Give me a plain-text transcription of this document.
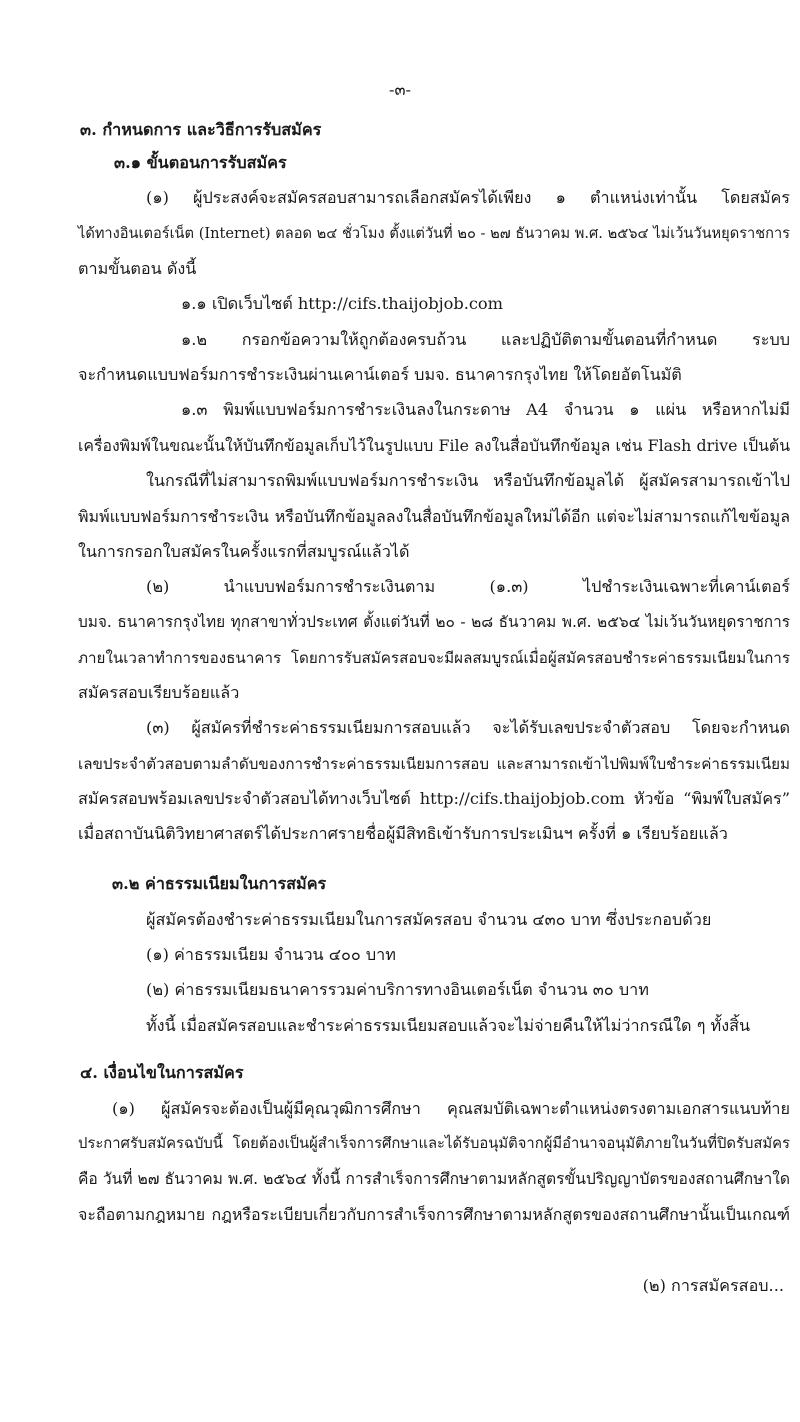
-๓-
๓. กำหนดการ และวิธีการรับสมัคร
๓.๑ ขั้นตอนการรับสมัคร
(๑) ผู้ประสงค์จะสมัครสอบสามารถเลือกสมัครได้เพียง ๑ ตำแหน่งเท่านั้น โดยสมัคร
ได้ทางอินเตอร์เน็ต (Internet) ตลอด ๒๔ ชั่วโมง ตั้งแต่วันที่ ๒๐ - ๒๗ ธันวาคม พ.ศ. ๒๕๖๔ ไม่เว้นวันหยุดราชการ
ตามขั้นตอน ดังนี้
๑.๑ เปิดเว็บไซต์ http://cifs.thaijobjob.com
๑.๒ กรอกข้อความให้ถูกต้องครบถ้วน และปฏิบัติตามขั้นตอนที่กำหนด ระบบ
จะกำหนดแบบฟอร์มการชำระเงินผ่านเคาน์เตอร์ บมจ. ธนาคารกรุงไทย ให้โดยอัตโนมัติ
๑.๓ พิมพ์แบบฟอร์มการชำระเงินลงในกระดาษ A4 จำนวน ๑ แผ่น หรือหากไม่มี
เครื่องพิมพ์ในขณะนั้นให้บันทึกข้อมูลเก็บไว้ในรูปแบบ File ลงในสื่อบันทึกข้อมูล เช่น Flash drive เป็นต้น
ในกรณีที่ไม่สามารถพิมพ์แบบฟอร์มการชำระเงิน หรือบันทึกข้อมูลได้ ผู้สมัครสามารถเข้าไป
พิมพ์แบบฟอร์มการชำระเงิน หรือบันทึกข้อมูลลงในสื่อบันทึกข้อมูลใหม่ได้อีก แต่จะไม่สามารถแก้ไขข้อมูล
ในการกรอกใบสมัครในครั้งแรกที่สมบูรณ์แล้วได้
(๒) นำแบบฟอร์มการชำระเงินตาม (๑.๓) ไปชำระเงินเฉพาะที่เคาน์เตอร์
บมจ. ธนาคารกรุงไทย ทุกสาขาทั่วประเทศ ตั้งแต่วันที่ ๒๐ - ๒๘ ธันวาคม พ.ศ. ๒๕๖๔ ไม่เว้นวันหยุดราชการ
ภายในเวลาทำการของธนาคาร โดยการรับสมัครสอบจะมีผลสมบูรณ์เมื่อผู้สมัครสอบชำระค่าธรรมเนียมในการ
สมัครสอบเรียบร้อยแล้ว
(๓) ผู้สมัครที่ชำระค่าธรรมเนียมการสอบแล้ว จะได้รับเลขประจำตัวสอบ โดยจะกำหนด
เลขประจำตัวสอบตามลำดับของการชำระค่าธรรมเนียมการสอบ และสามารถเข้าไปพิมพ์ใบชำระค่าธรรมเนียม
สมัครสอบพร้อมเลขประจำตัวสอบได้ทางเว็บไซต์ http://cifs.thaijobjob.com หัวข้อ “พิมพ์ใบสมัคร”
เมื่อสถาบันนิติวิทยาศาสตร์ได้ประกาศรายชื่อผู้มีสิทธิเข้ารับการประเมินฯ ครั้งที่ ๑ เรียบร้อยแล้ว
๓.๒ ค่าธรรมเนียมในการสมัคร
ผู้สมัครต้องชำระค่าธรรมเนียมในการสมัครสอบ จำนวน ๔๓๐ บาท ซึ่งประกอบด้วย
(๑) ค่าธรรมเนียม จำนวน ๔๐๐ บาท
(๒) ค่าธรรมเนียมธนาคารรวมค่าบริการทางอินเตอร์เน็ต จำนวน ๓๐ บาท
ทั้งนี้ เมื่อสมัครสอบและชำระค่าธรรมเนียมสอบแล้วจะไม่จ่ายคืนให้ไม่ว่ากรณีใด ๆ ทั้งสิ้น
๔. เงื่อนไขในการสมัคร
(๑) ผู้สมัครจะต้องเป็นผู้มีคุณวุฒิการศึกษา คุณสมบัติเฉพาะตำแหน่งตรงตามเอกสารแนบท้าย
ประกาศรับสมัครฉบับนี้ โดยต้องเป็นผู้สำเร็จการศึกษาและได้รับอนุมัติจากผู้มีอำนาจอนุมัติภายในวันที่ปิดรับสมัคร
คือ วันที่ ๒๗ ธันวาคม พ.ศ. ๒๕๖๔ ทั้งนี้ การสำเร็จการศึกษาตามหลักสูตรขั้นปริญญาบัตรของสถานศึกษาใด
จะถือตามกฎหมาย กฎหรือระเบียบเกี่ยวกับการสำเร็จการศึกษาตามหลักสูตรของสถานศึกษานั้นเป็นเกณฑ์
(๒) การสมัครสอบ...
